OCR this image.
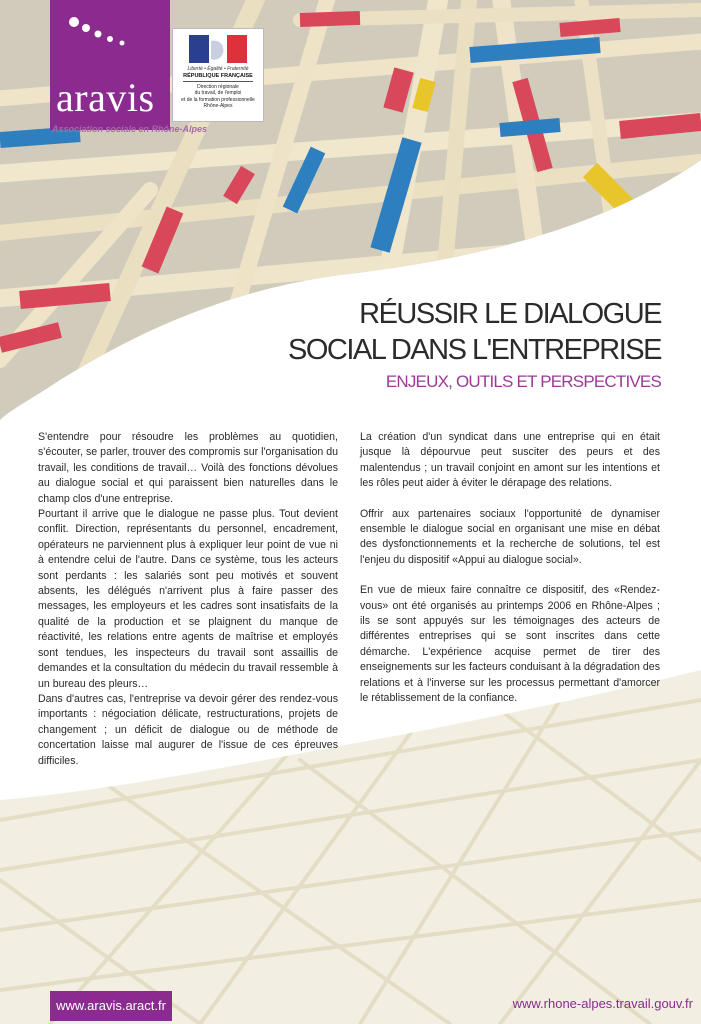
aravis
Association sociale en Rhône-Alpes
Liberté • Égalité • Fraternité
RÉPUBLIQUE FRANÇAISE
Direction régionale
du travail, de l'emploi
et de la formation professionnelle
Rhône-Alpes
RÉUSSIR LE DIALOGUE
SOCIAL DANS L'ENTREPRISE
ENJEUX, OUTILS ET PERSPECTIVES

S'entendre pour résoudre les problèmes au quotidien, s'écouter, se parler, trouver des compromis sur l'organisation du travail, les conditions de travail… Voilà des fonctions dévolues au dialogue social et qui paraissent bien naturelles dans le champ clos d'une entreprise.

Pourtant il arrive que le dialogue ne passe plus. Tout devient conflit. Direction, représentants du personnel, encadrement, opérateurs ne parviennent plus à expliquer leur point de vue ni à entendre celui de l'autre. Dans ce système, tous les acteurs sont perdants : les salariés sont peu motivés et souvent absents, les délégués n'arrivent plus à faire passer des messages, les employeurs et les cadres sont insatisfaits de la qualité de la production et se plaignent du manque de réactivité, les relations entre agents de maîtrise et employés sont tendues, les inspecteurs du travail sont assaillis de demandes et la consultation du médecin du travail ressemble à un bureau des pleurs…

Dans d'autres cas, l'entreprise va devoir gérer des rendez-vous importants : négociation délicate, restructurations, projets de changement ; un déficit de dialogue ou de méthode de concertation laisse mal augurer de l'issue de ces épreuves difficiles.

La création d'un syndicat dans une entreprise qui en était jusque là dépourvue peut susciter des peurs et des malentendus ; un travail conjoint en amont sur les intentions et les rôles peut aider à éviter le dérapage des relations.

Offrir aux partenaires sociaux l'opportunité de dynamiser ensemble le dialogue social en organisant une mise en débat des dysfonctionnements et la recherche de solutions, tel est l'enjeu du dispositif «Appui au dialogue social».

En vue de mieux faire connaître ce dispositif, des «Rendez-vous» ont été organisés au printemps 2006 en Rhône-Alpes ; ils se sont appuyés sur les témoignages des acteurs de différentes entreprises qui se sont inscrites dans cette démarche. L'expérience acquise permet de tirer des enseignements sur les facteurs conduisant à la dégradation des relations et à l'inverse sur les processus permettant d'amorcer le rétablissement de la confiance.

www.aravis.aract.fr	www.rhone-alpes.travail.gouv.fr
